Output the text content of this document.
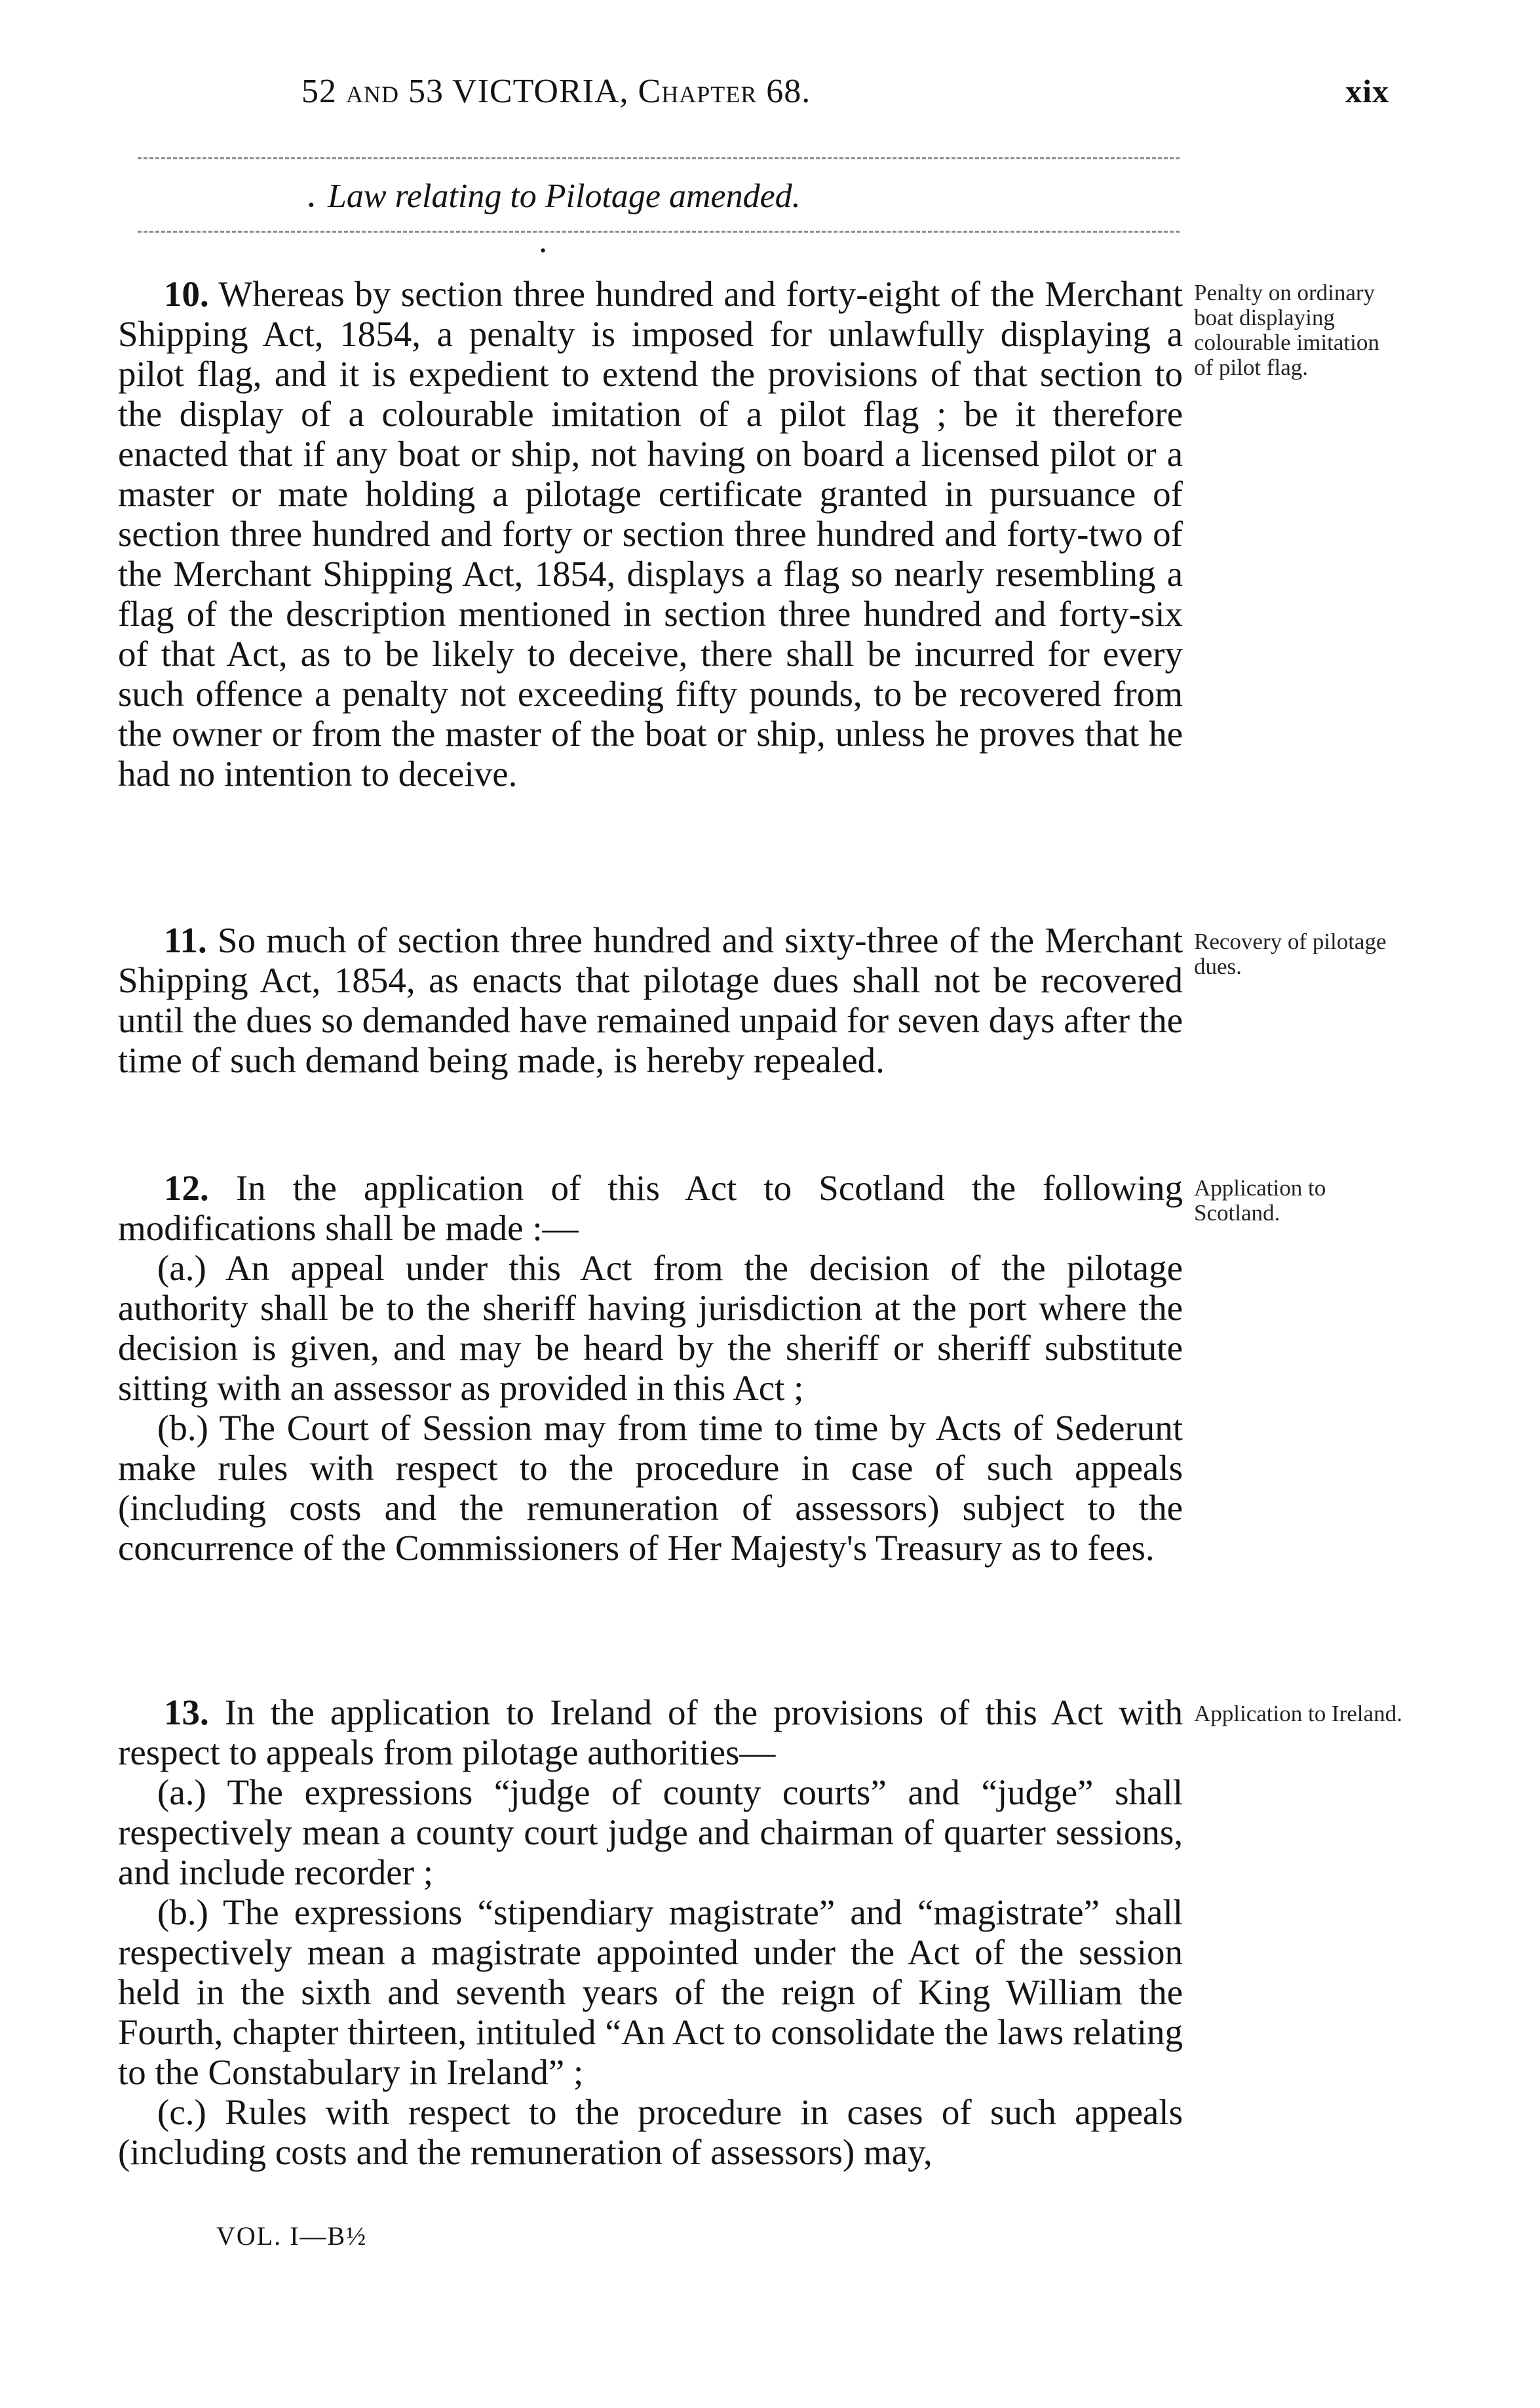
52 and 53 VICTORIA, Chapter 68.	xix
• Law relating to Pilotage amended.
•

10. Whereas by section three hundred and forty-eight of the Merchant Shipping Act, 1854, a penalty is imposed for unlawfully displaying a pilot flag, and it is expedient to extend the provisions of that section to the display of a colourable imitation of a pilot flag ; be it therefore enacted that if any boat or ship, not having on board a licensed pilot or a master or mate holding a pilotage certificate granted in pursuance of section three hundred and forty or section three hundred and forty-two of the Merchant Shipping Act, 1854, displays a flag so nearly resembling a flag of the description mentioned in section three hundred and forty-six of that Act, as to be likely to deceive, there shall be incurred for every such offence a penalty not exceeding fifty pounds, to be recovered from the owner or from the master of the boat or ship, unless he proves that he had no intention to deceive.

Penalty on ordinary boat displaying colourable imitation of pilot flag.

11. So much of section three hundred and sixty-three of the Merchant Shipping Act, 1854, as enacts that pilotage dues shall not be recovered until the dues so demanded have remained unpaid for seven days after the time of such demand being made, is hereby repealed.

Recovery of pilotage dues.

12. In the application of this Act to Scotland the following modifications shall be made :—

(a.) An appeal under this Act from the decision of the pilotage authority shall be to the sheriff having jurisdiction at the port where the decision is given, and may be heard by the sheriff or sheriff substitute sitting with an assessor as provided in this Act ;

(b.) The Court of Session may from time to time by Acts of Sederunt make rules with respect to the procedure in case of such appeals (including costs and the remuneration of assessors) subject to the concurrence of the Commissioners of Her Majesty's Treasury as to fees.

Application to Scotland.

13. In the application to Ireland of the provisions of this Act with respect to appeals from pilotage authorities—

(a.) The expressions “judge of county courts” and “judge” shall respectively mean a county court judge and chairman of quarter sessions, and include recorder ;

(b.) The expressions “stipendiary magistrate” and “magistrate” shall respectively mean a magistrate appointed under the Act of the session held in the sixth and seventh years of the reign of King William the Fourth, chapter thirteen, intituled “An Act to consolidate the laws relating to the Constabulary in Ireland” ;

(c.) Rules with respect to the procedure in cases of such appeals (including costs and the remuneration of assessors) may,

Application to Ireland.
VOL. I—B½
